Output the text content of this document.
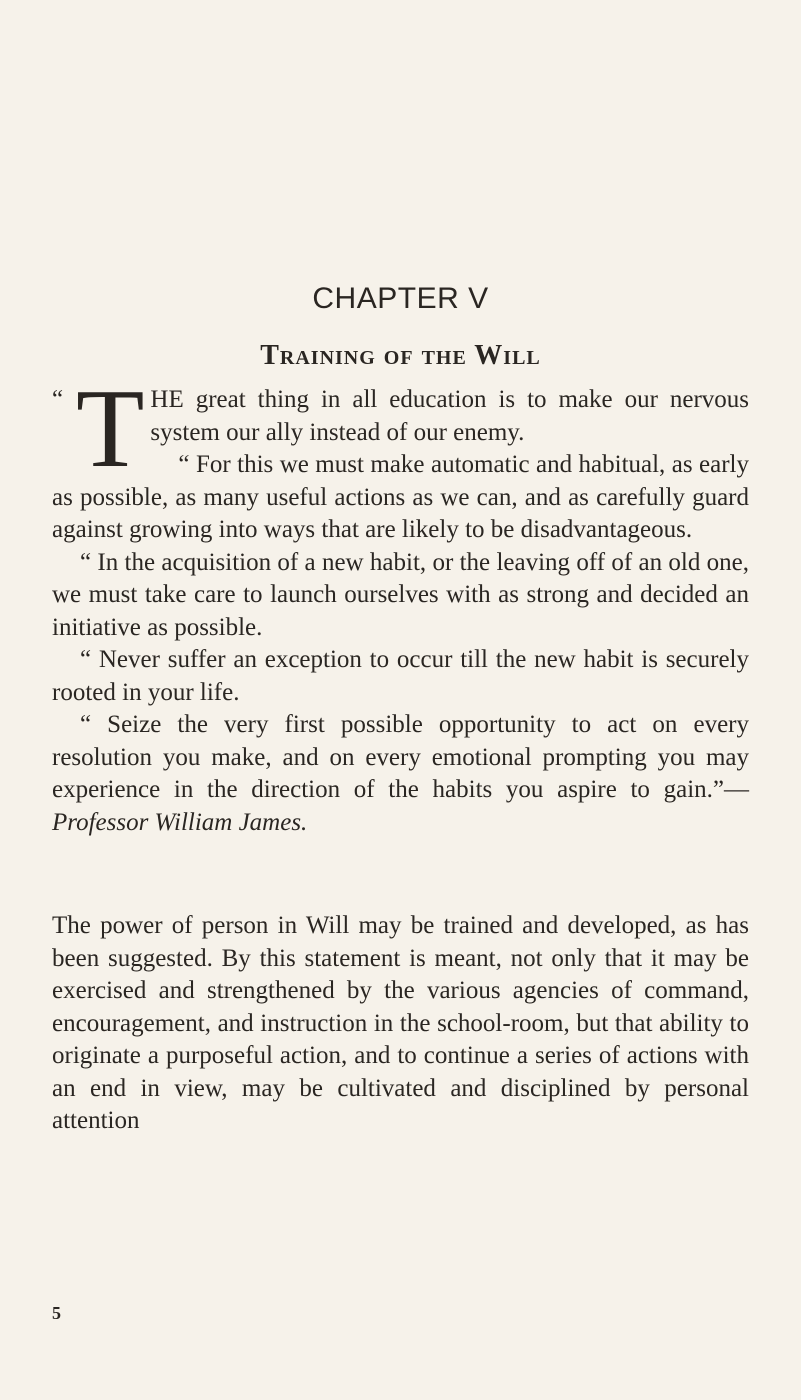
CHAPTER V
Training of the Will

“ T HE great thing in all education is to make our nervous system our ally instead of our enemy.

“ For this we must make automatic and habitual, as early as possible, as many useful actions as we can, and as carefully guard against growing into ways that are likely to be disadvantageous.

“ In the acquisition of a new habit, or the leaving off of an old one, we must take care to launch ourselves with as strong and decided an initiative as possible.

“ Never suffer an exception to occur till the new habit is securely rooted in your life.

“ Seize the very first possible opportunity to act on every resolution you make, and on every emotional prompting you may experience in the direction of the habits you aspire to gain.”—Professor William James.

The power of person in Will may be trained and developed, as has been suggested. By this statement is meant, not only that it may be exercised and strengthened by the various agencies of command, encouragement, and instruction in the school-room, but that ability to originate a purposeful action, and to continue a series of actions with an end in view, may be cultivated and disciplined by personal attention

5
